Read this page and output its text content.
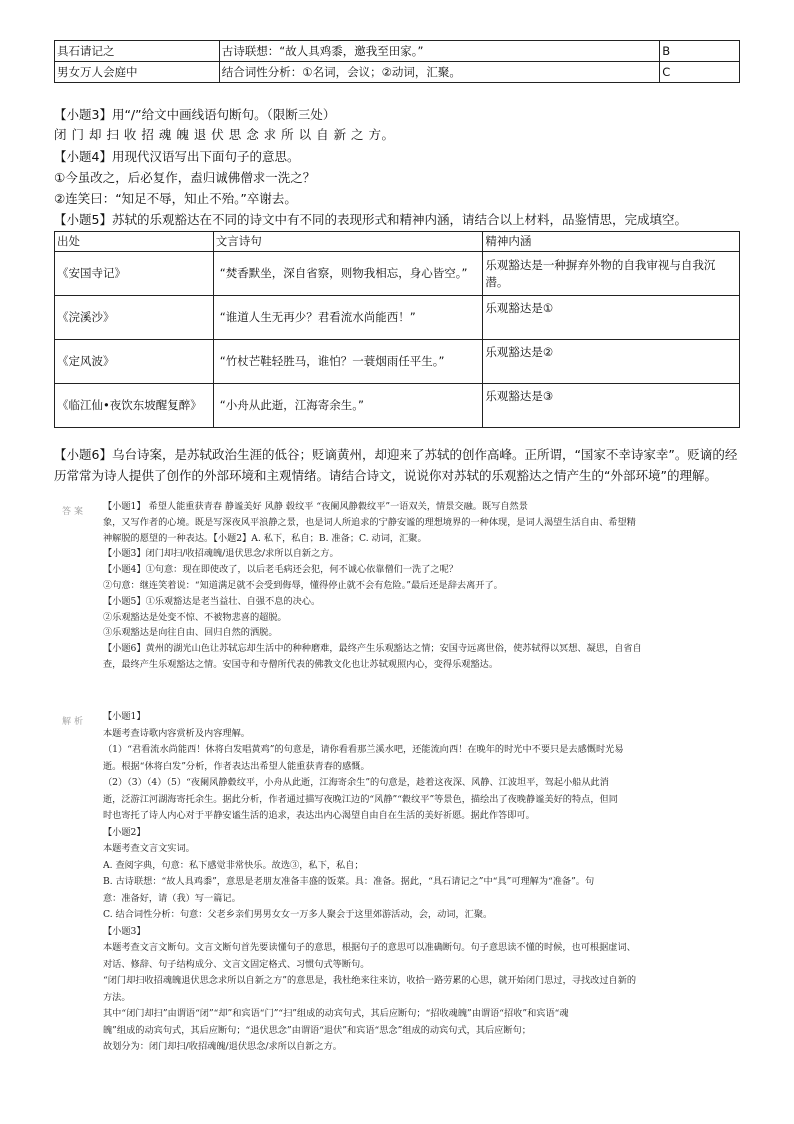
具石请记之	古诗联想：“故人具鸡黍，邀我至田家。”	B
男女万人会庭中	结合词性分析：①名词，会议；②动词，汇聚。	C
【小题3】用“/”给文中画线语句断句。（限断三处）
闭 门 却 扫 收 招 魂 魄 退 伏 思 念 求 所 以 自 新 之 方。
【小题4】用现代汉语写出下面句子的意思。
①今虽改之，后必复作，盍归诚佛僧求一洗之？
②连笑曰：“知足不辱，知止不殆。”卒谢去。
【小题5】苏轼的乐观豁达在不同的诗文中有不同的表现形式和精神内涵，请结合以上材料，品鉴情思，完成填空。
出处	文言诗句	精神内涵
《安国寺记》	“焚香默坐，深自省察，则物我相忘，身心皆空。”	乐观豁达是一种摒弃外物的自我审视与自我沉潜。
《浣溪沙》	“谁道人生无再少？君看流水尚能西！”	乐观豁达是①
《定风波》	“竹杖芒鞋轻胜马，谁怕？一蓑烟雨任平生。”	乐观豁达是②
《临江仙•夜饮东坡醒复醉》	“小舟从此逝，江海寄余生。”	乐观豁达是③
【小题6】乌台诗案，是苏轼政治生涯的低谷；贬谪黄州，却迎来了苏轼的创作高峰。正所谓，“国家不幸诗家幸”。贬谪的经历常常为诗人提供了创作的外部环境和主观情绪。请结合诗文，说说你对苏轼的乐观豁达之情产生的“外部环境”的理解。
答案 【小题1】 希望人能重获青春 静谧美好 风静 毂纹平 “夜阑风静縠纹平”一语双关，情景交融。既写自然景
象，又写作者的心境。既是写深夜风平浪静之景，也是词人所追求的宁静安谧的理想境界的一种体现，是词人渴望生活自由、希望精
神解脱的愿望的一种表达。【小题2】A. 私下，私自；B. 准备；C. 动词，汇聚。
【小题3】闭门却扫/收招魂魄/退伏思念/求所以自新之方。
【小题4】①句意：现在即使改了，以后老毛病还会犯，何不诚心依靠僧们一洗了之呢？
②句意：继连笑着说：“知道满足就不会受到侮辱，懂得停止就不会有危险。”最后还是辞去离开了。
【小题5】①乐观豁达是老当益壮、自强不息的决心。
②乐观豁达是处变不惊、不被物悲喜的超脱。
③乐观豁达是向往自由、回归自然的洒脱。
【小题6】黄州的湖光山色让苏轼忘却生活中的种种磨难，最终产生乐观豁达之情；安国寺远离世俗，使苏轼得以冥想、凝思，自省自
查，最终产生乐观豁达之情。安国寺和寺僧所代表的佛教文化也让苏轼观照内心，变得乐观豁达。
解析 【小题1】
本题考查诗歌内容赏析及内容理解。
（1）“君看流水尚能西！休将白发唱黄鸡”的句意是，请你看看那兰溪水吧，还能流向西！在晚年的时光中不要只是去感慨时光易
逝。根据“休将白发”分析，作者表达出希望人能重获青春的感慨。
（2）（3）（4）（5）“夜阑风静縠纹平，小舟从此逝，江海寄余生”的句意是，趁着这夜深、风静、江波坦平，驾起小船从此消
逝，泛游江河湖海寄托余生。据此分析，作者通过描写夜晚江边的“风静”“縠纹平”等景色，描绘出了夜晚静谧美好的特点，但同
时也寄托了诗人内心对于平静安谧生活的追求，表达出内心渴望自由自在生活的美好祈愿。据此作答即可。
【小题2】
本题考查文言文实词。
A. 查阅字典，句意：私下感觉非常快乐。故选③，私下，私自；
B. 古诗联想：“故人具鸡黍”，意思是老朋友准备丰盛的饭菜。具：准备。据此，“具石请记之”中“具”可理解为“准备”。句
意：准备好，请（我）写一篇记。
C. 结合词性分析：句意：父老乡亲们男男女女一万多人聚会于这里郊游活动，会，动词，汇聚。
【小题3】
本题考查文言文断句。文言文断句首先要读懂句子的意思，根据句子的意思可以准确断句。句子意思读不懂的时候，也可根据虚词、
对话、修辞、句子结构成分、文言文固定格式、习惯句式等断句。
“闭门却扫收招魂魄退伏思念求所以自新之方”的意思是，我杜绝来往来访，收拾一路劳累的心思，就开始闭门思过，寻找改过自新的
方法。
其中“闭门却扫”由谓语“闭”“却”和宾语“门”“扫”组成的动宾句式，其后应断句；“招收魂魄”由谓语“招收”和宾语“魂
魄”组成的动宾句式，其后应断句；“退伏思念”由谓语“退伏”和宾语“思念”组成的动宾句式，其后应断句；
故划分为：闭门却扫/收招魂魄/退伏思念/求所以自新之方。
